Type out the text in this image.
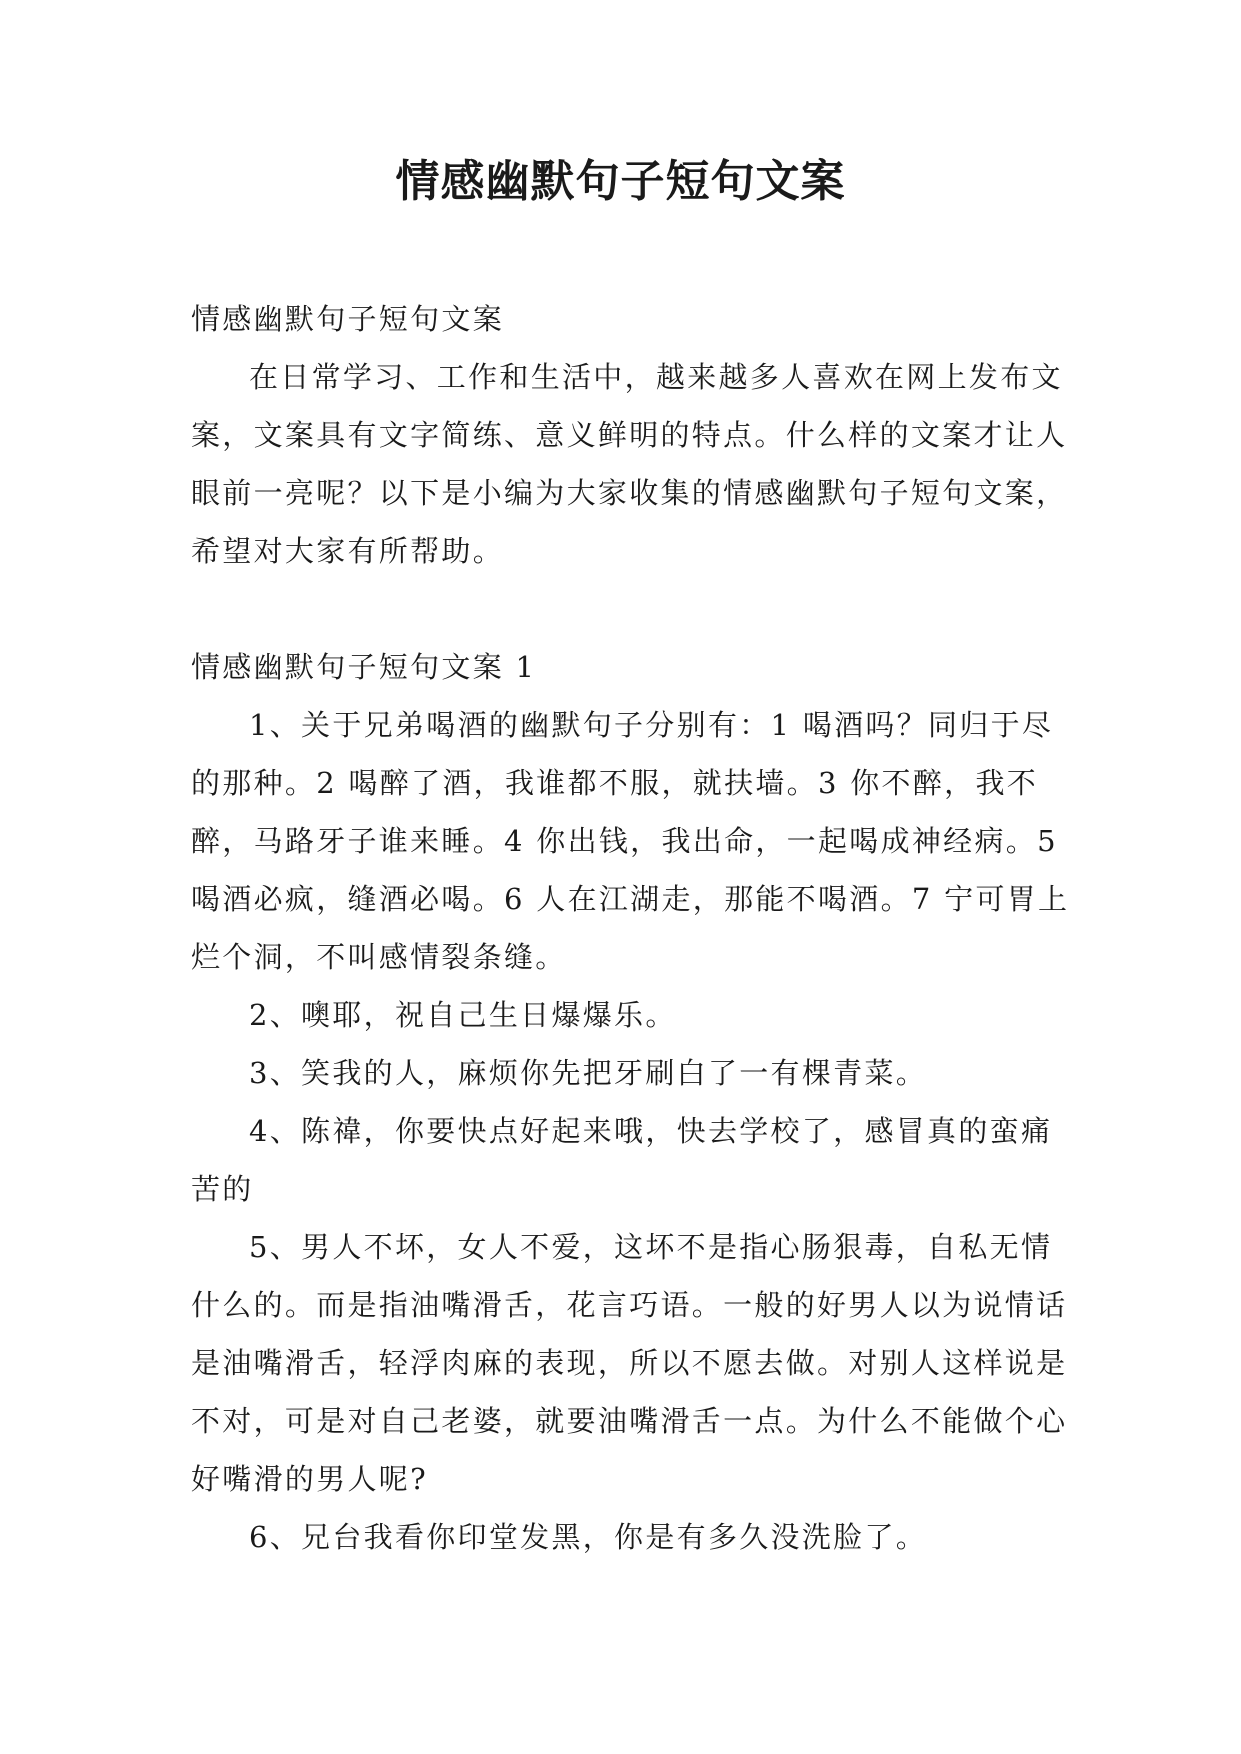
情感幽默句子短句文案

情感幽默句子短句文案

在日常学习、工作和生活中，越来越多人喜欢在网上发布文案，文案具有文字简练、意义鲜明的特点。什么样的文案才让人眼前一亮呢？以下是小编为大家收集的情感幽默句子短句文案，希望对大家有所帮助。

情感幽默句子短句文案 1

1、关于兄弟喝酒的幽默句子分别有：1 喝酒吗？同归于尽的那种。2 喝醉了酒，我谁都不服，就扶墙。3 你不醉，我不醉，马路牙子谁来睡。4 你出钱，我出命，一起喝成神经病。5 喝酒必疯，缝酒必喝。6 人在江湖走，那能不喝酒。7 宁可胃上烂个洞，不叫感情裂条缝。

2、噢耶，祝自己生日爆爆乐。

3、笑我的人，麻烦你先把牙刷白了一有棵青菜。

4、陈禕，你要快点好起来哦，快去学校了，感冒真的蛮痛苦的

5、男人不坏，女人不爱，这坏不是指心肠狠毒，自私无情什么的。而是指油嘴滑舌，花言巧语。一般的好男人以为说情话是油嘴滑舌，轻浮肉麻的表现，所以不愿去做。对别人这样说是不对，可是对自己老婆，就要油嘴滑舌一点。为什么不能做个心好嘴滑的男人呢?

6、兄台我看你印堂发黑，你是有多久没洗脸了。
